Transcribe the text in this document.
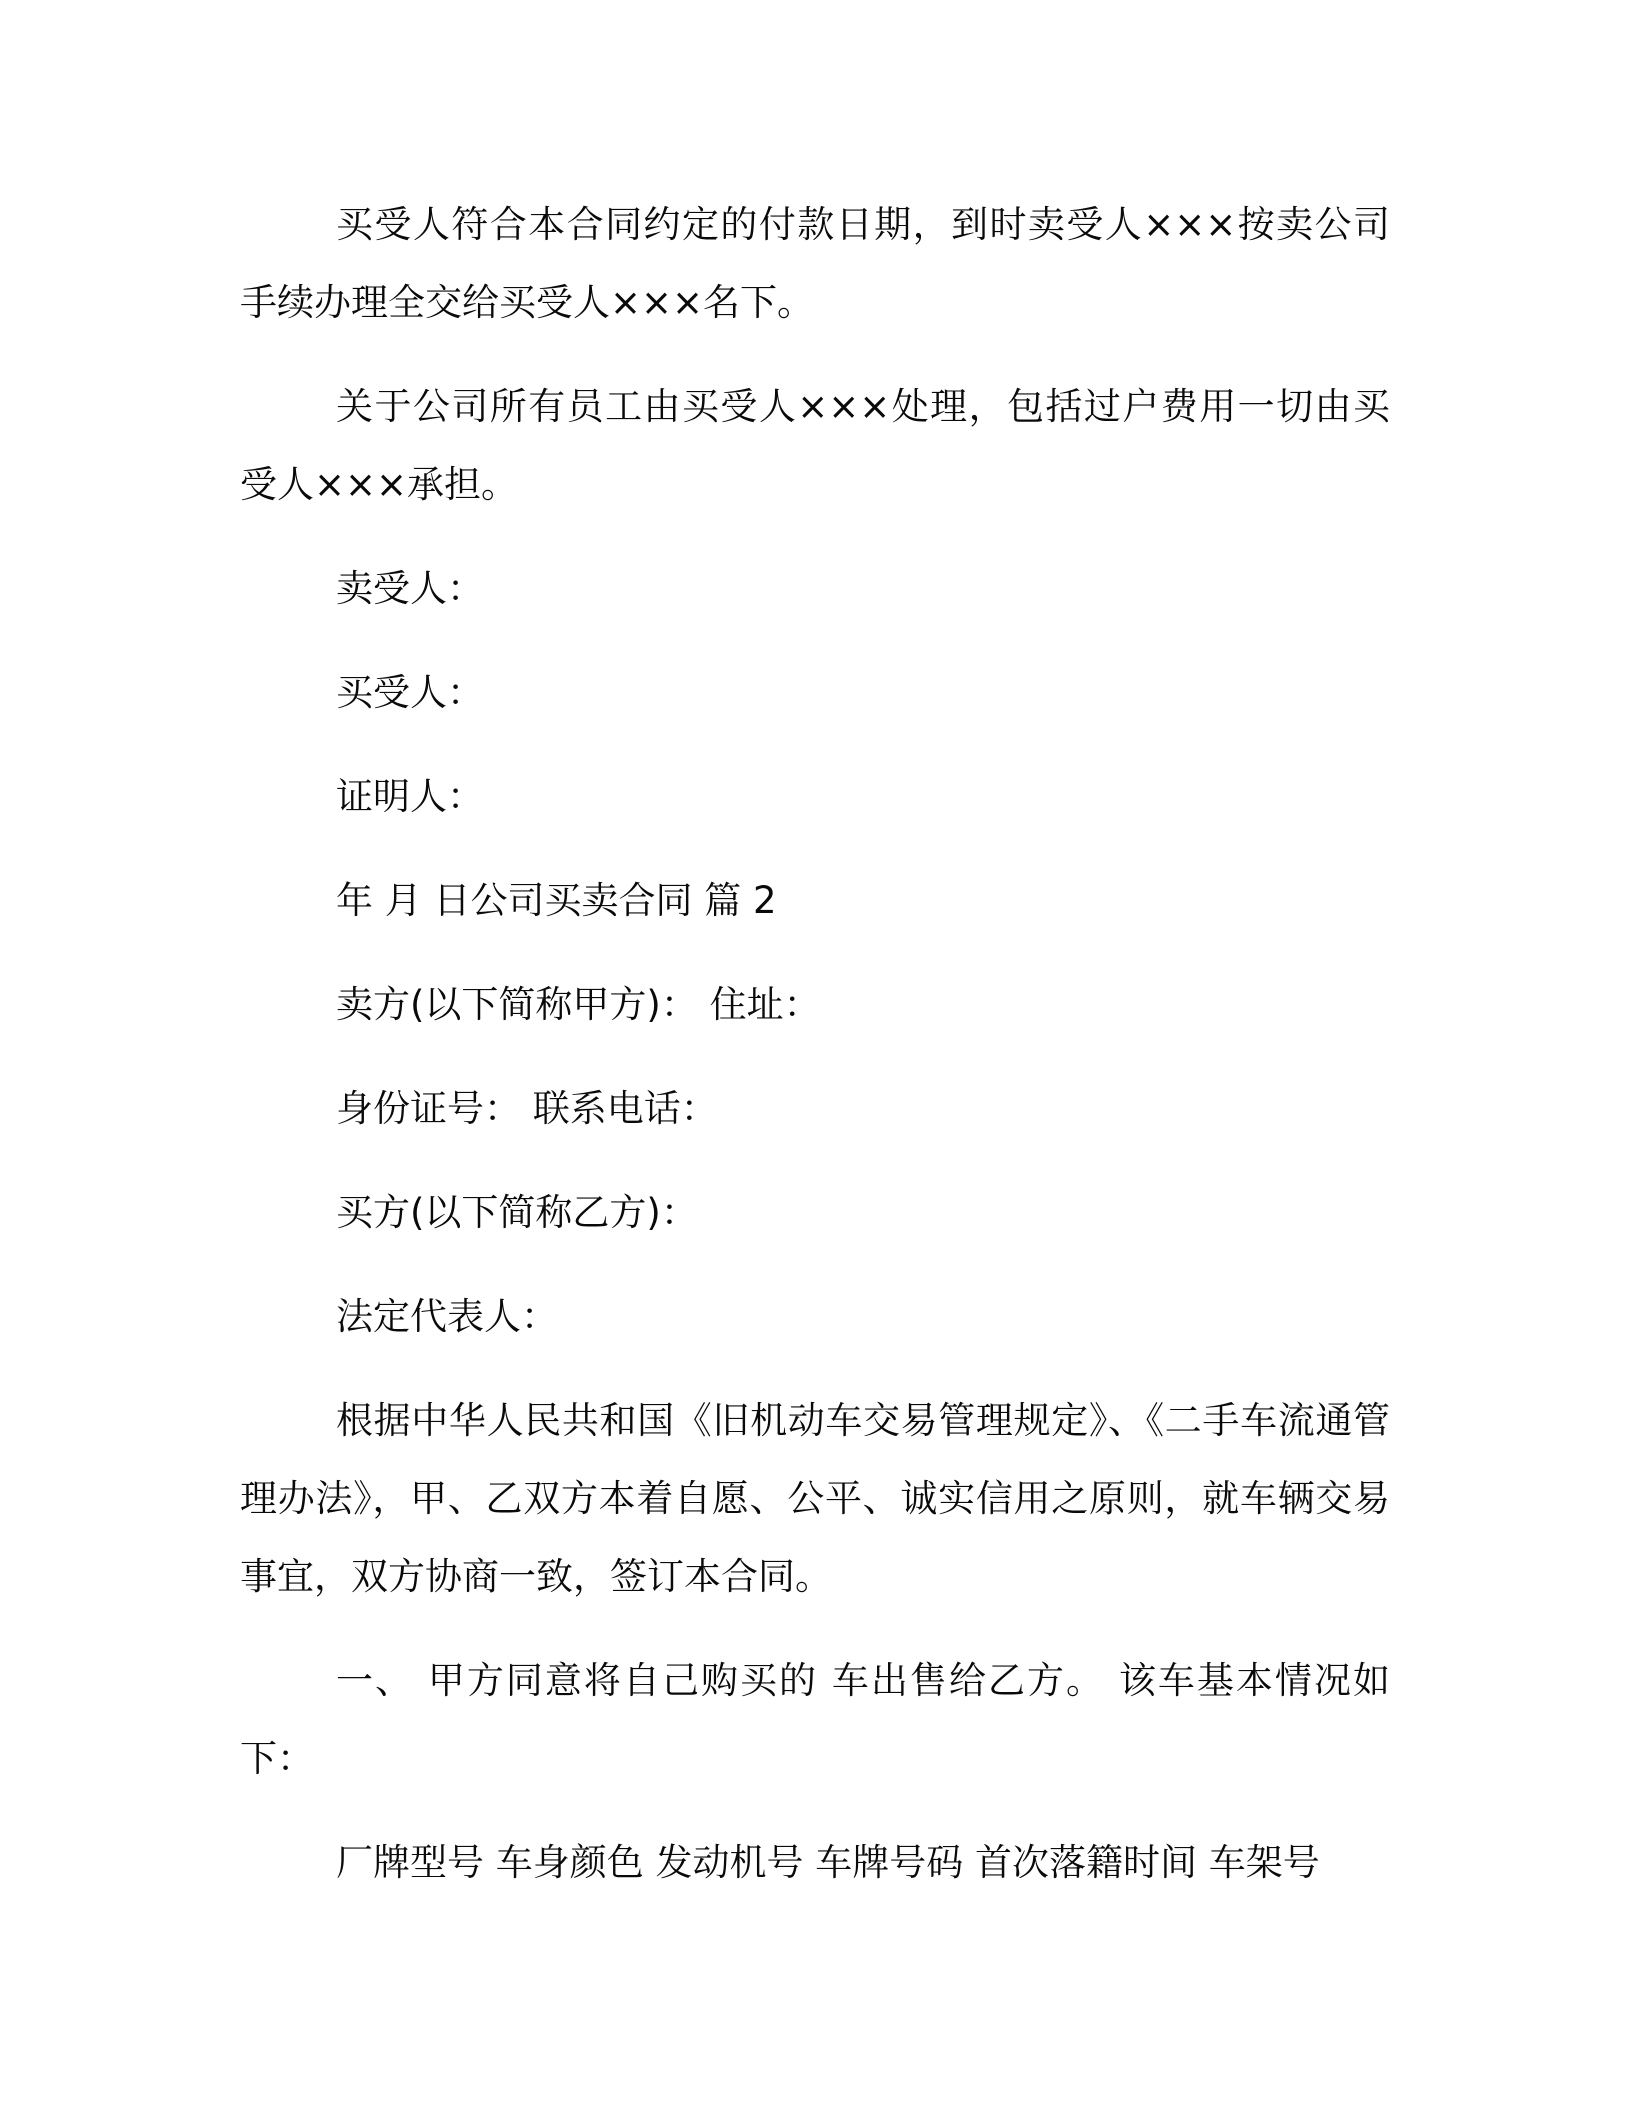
买受人符合本合同约定的付款日期，到时卖受人×××按卖公司手续办理全交给买受人×××名下。

关于公司所有员工由买受人×××处理，包括过户费用一切由买受人×××承担。

卖受人：

买受人：

证明人：

年 月 日公司买卖合同 篇 2

卖方(以下简称甲方)： 住址：

身份证号： 联系电话：

买方(以下简称乙方)：

法定代表人：

根据中华人民共和国《旧机动车交易管理规定》、《二手车流通管理办法》，甲、乙双方本着自愿、公平、诚实信用之原则，就车辆交易事宜，双方协商一致，签订本合同。

一、 甲方同意将自己购买的 车出售给乙方。 该车基本情况如下：

厂牌型号 车身颜色 发动机号 车牌号码 首次落籍时间 车架号
